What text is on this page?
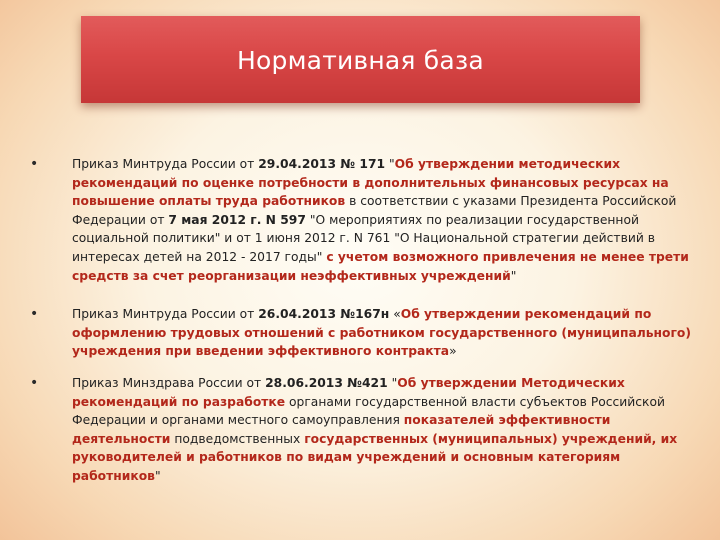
Нормативная база
•	Приказ Минтруда России от 29.04.2013 № 171 "Об утверждении методических рекомендаций по оценке потребности в дополнительных финансовых ресурсах на повышение оплаты труда работников в соответствии с указами Президента Российской Федерации от 7 мая 2012 г. N 597 "О мероприятиях по реализации государственной социальной политики" и от 1 июня 2012 г. N 761 "О Национальной стратегии действий в интересах детей на 2012 - 2017 годы" с учетом возможного привлечения не менее трети средств за счет реорганизации неэффективных учреждений"
•	Приказ Минтруда России от 26.04.2013 №167н «Об утверждении рекомендаций по оформлению трудовых отношений с работником государственного (муниципального) учреждения при введении эффективного контракта»
•	Приказ Минздрава России от 28.06.2013 №421 "Об утверждении Методических рекомендаций по разработке органами государственной власти субъектов Российской Федерации и органами местного самоуправления показателей эффективности деятельности подведомственных государственных (муниципальных) учреждений, их руководителей и работников по видам учреждений и основным категориям работников"
